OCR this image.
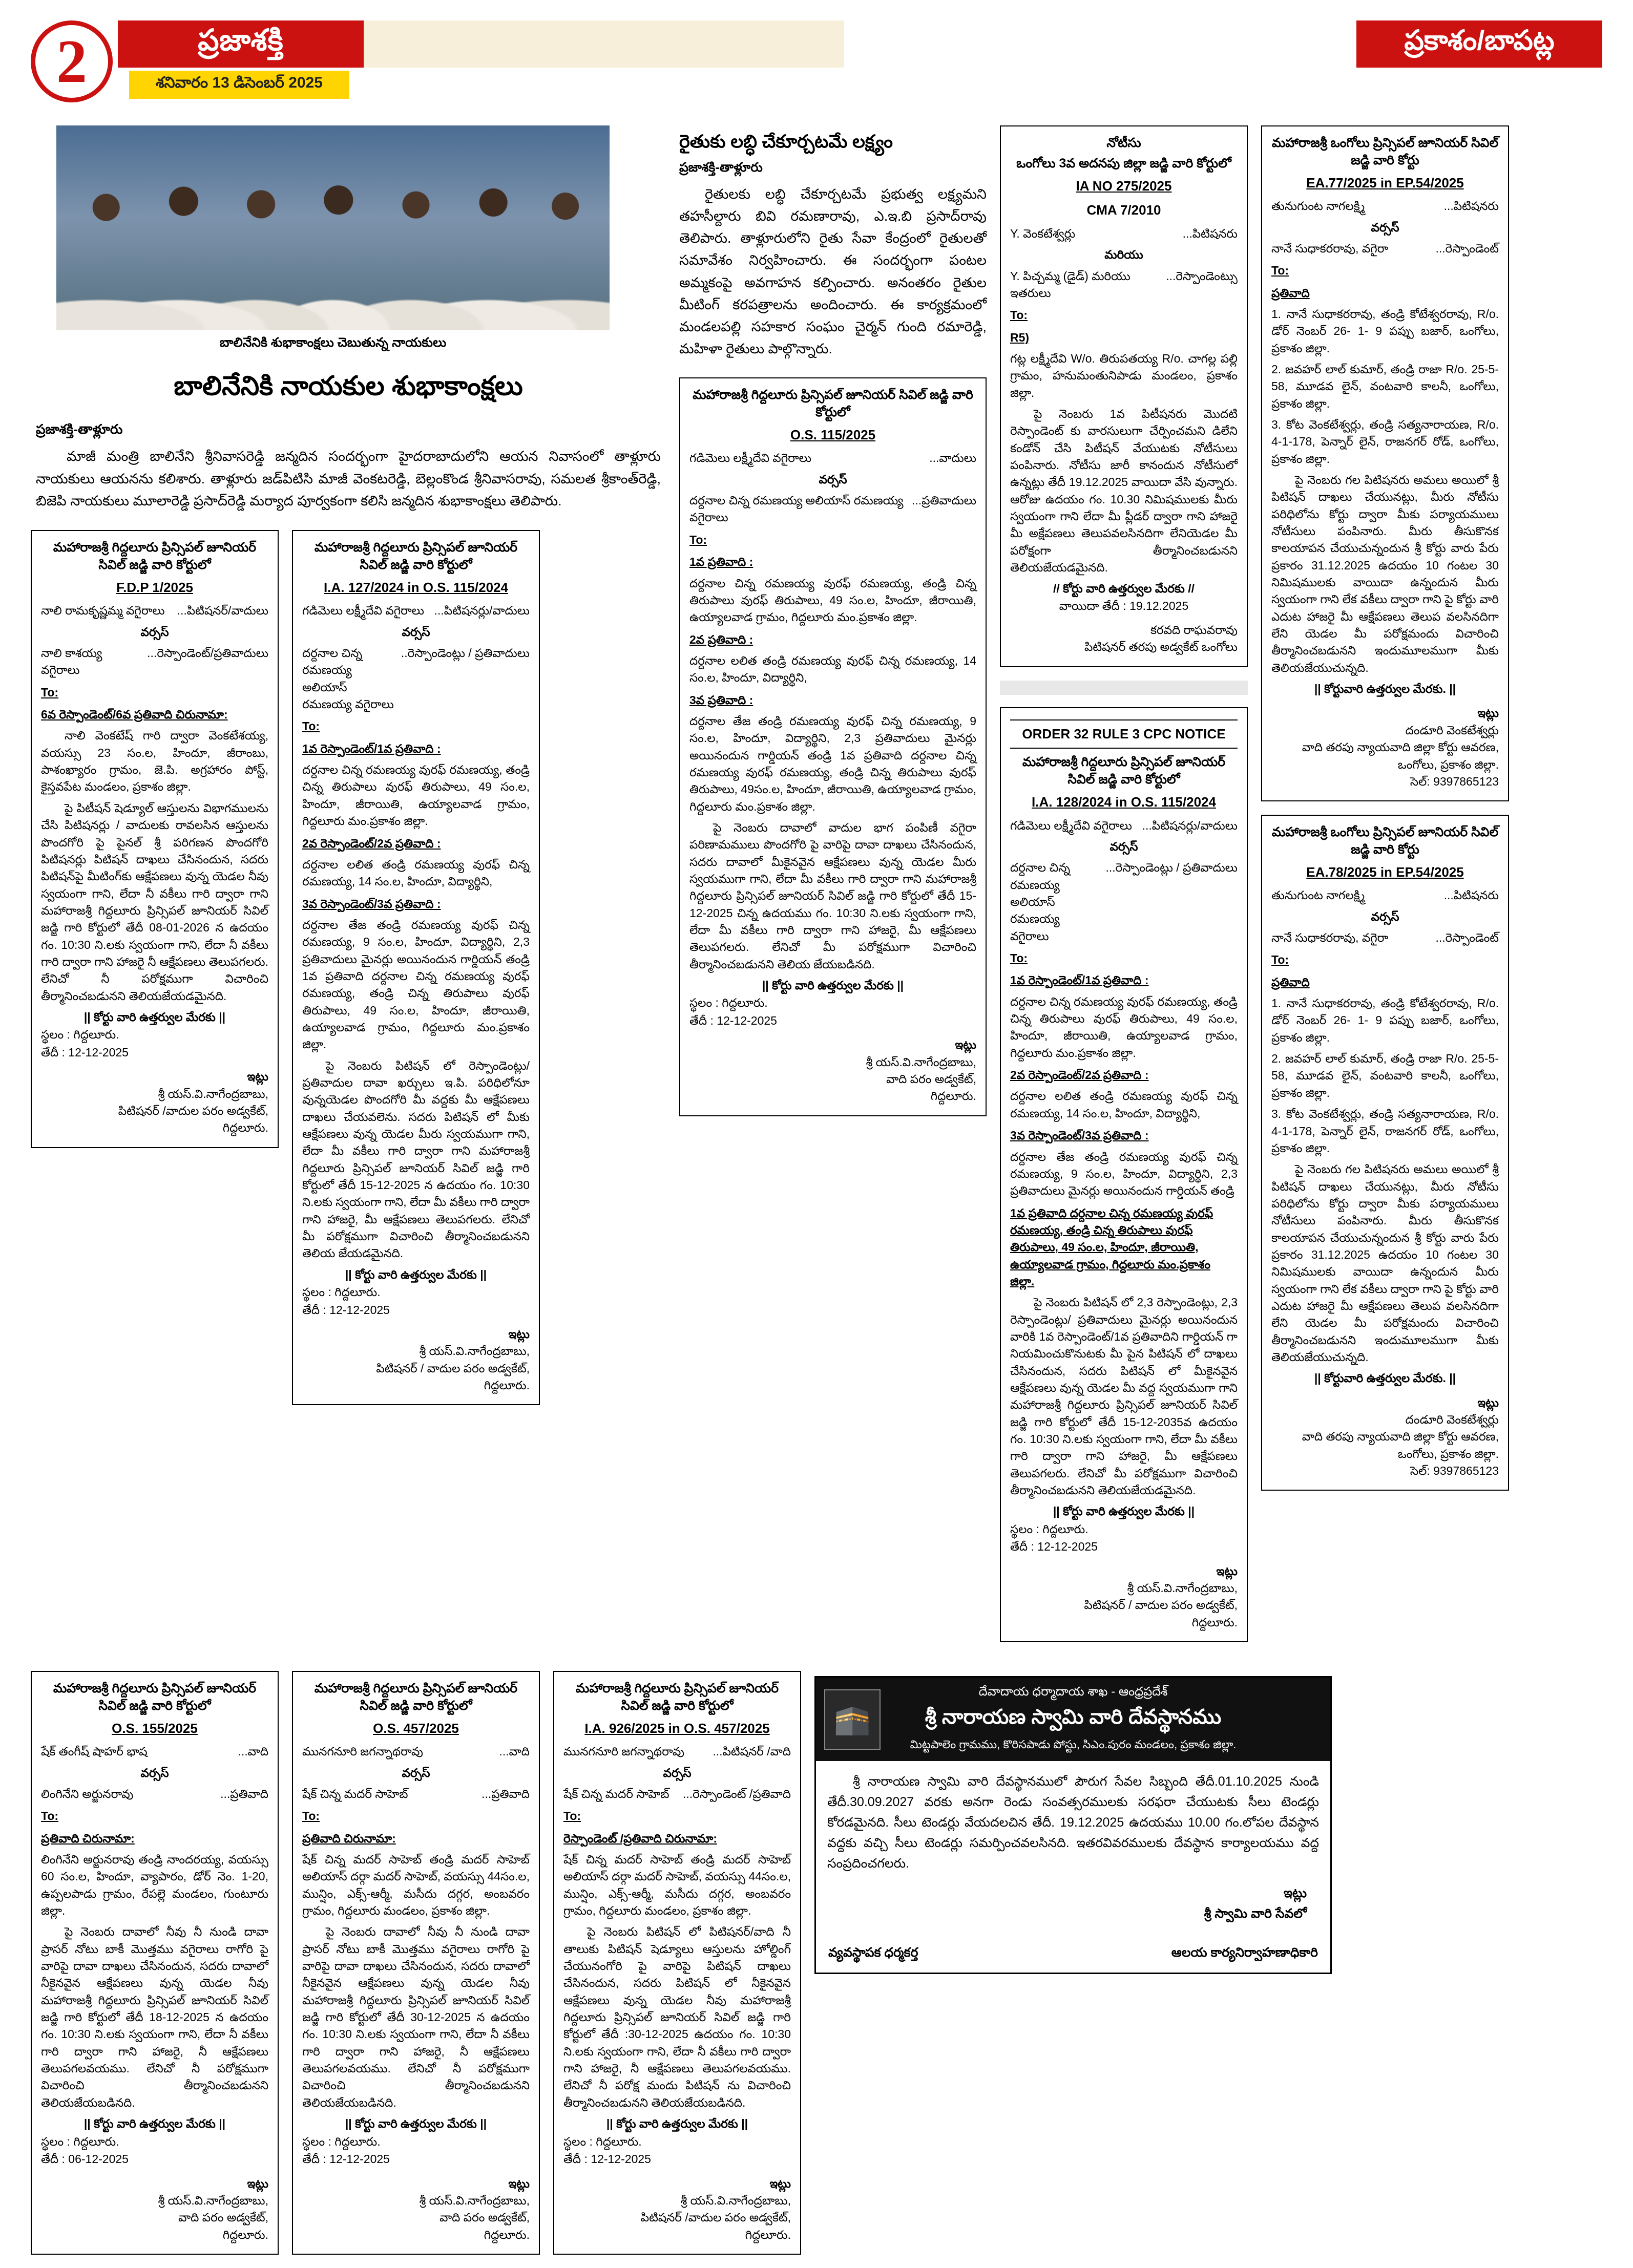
2	ప్రజాశక్తి
శనివారం 13 డిసెంబర్ 2025
ప్రకాశం/బాపట్ల
బాలినేనికి శుభాకాంక్షలు చెబుతున్న నాయకులు
బాలినేనికి నాయకుల శుభాకాంక్షలు
ప్రజాశక్తి-తాళ్లూరు
మాజీ మంత్రి బాలినేని శ్రీనివాసరెడ్డి జన్మదిన సందర్భంగా హైదరాబాదులోని ఆయన నివాసంలో తాళ్లూరు నాయకులు ఆయనను కలిశారు. తాళ్లూరు జడ్‌పిటిసి మాజీ వెంకటరెడ్డి, బెల్లంకొండ శ్రీనివాసరావు, సమలత శ్రీకాంత్‌రెడ్డి, బిజెపి నాయకులు మూలారెడ్డి ప్రసాద్‌రెడ్డి మర్యాద పూర్వకంగా కలిసి జన్మదిన శుభాకాంక్షలు తెలిపారు.
మహారాజశ్రీ గిద్దలూరు ప్రిన్సిపల్ జూనియర్ సివిల్ జడ్జి వారి కోర్టులో
F.D.P 1/2025
నాలి రామకృష్ణమ్మ వగైరాలు	...పిటిషనర్/వాదులు
వర్సస్
నాలి కాశయ్య వగైరాలు
...రెస్పాండెంట్‌/ప్రతివాదులు
To:
6వ రెస్పాండెంట్/6వ ప్రతివాది చిరునామా:

నాలి వెంకటేష్ గారి ద్వారా వెంకటేశయ్య, వయస్సు 23 సం.ల, హిందూ, జీరాంబు, పాశంఖ్యారం గ్రామం, జె.పి. అగ్రహారం పోస్ట్, కైస్తవపేట మండలం, ప్రకాశం జిల్లా.

పై పిటీషన్ షెడ్యూల్ ఆస్తులను విభాగములను చేసి పిటిషనర్లు / వాదులకు రావలసిన ఆస్తులను పొందగోరి పై పైనల్ శ్రీ పరిగణన పొందగోరి పిటిషనర్లు పిటిషన్ దాఖలు చేసినందున, సదరు పిటిషన్‌పై మీటింగ్‌కు ఆక్షేపణలు వున్న యెడల నీవు స్వయంగా గాని, లేదా నీ వకీలు గారి ద్వారా గాని మహారాజశ్రీ గిద్దలూరు ప్రిన్సిపల్ జూనియర్ సివిల్ జడ్జి గారి కోర్టులో తేదీ 08-01-2026 న ఉదయం గం. 10:30 ని.లకు స్వయంగా గాని, లేదా నీ వకీలు గారి ద్వారా గాని హాజరై నీ ఆక్షేపణలు తెలుపగలరు. లేనిచో నీ పరోక్షముగా విచారించి తీర్మానించబడునని తెలియజేయడమైనది.

|| కోర్టు వారి ఉత్తర్వుల మేరకు ||
స్థలం : గిద్దలూరు.
తేదీ : 12-12-2025
ఇట్లు
శ్రీ యస్.వి.నాగేంద్రబాబు,
పిటిషనర్ /వాదుల పరం అడ్వకేట్,
గిద్దలూరు.
మహారాజశ్రీ గిద్దలూరు ప్రిన్సిపల్ జూనియర్ సివిల్ జడ్జి వారి కోర్టులో
I.A. 127/2024 in O.S. 115/2024
గడిమెలు లక్ష్మీదేవి వగైరాలు ...పిటిషనర్లు/వాదులు
వర్సస్
దర్దనాల చిన్న రమణయ్య అలియాస్ రమణయ్య వగైరాలు
..రెస్పాండెంట్లు / ప్రతివాదులు
To:
1వ రెస్పాండెంట్/1వ ప్రతివాది :

దర్దనాల చిన్న రమణయ్య వురఫ్ రమణయ్య, తండ్రి చిన్న తిరుపాలు వురఫ్ తిరుపాలు, 49 సం.ల, హిందూ, జీరాయితి, ఉయ్యాలవాడ గ్రామం, గిద్దలూరు మం.ప్రకాశం జిల్లా.

2వ రెస్పాండెంట్/2వ ప్రతివాది :

దర్దనాల లలిత తండ్రి రమణయ్య వురఫ్ చిన్న రమణయ్య, 14 సం.ల, హిందూ, విద్యార్థిని,

3వ రెస్పాండెంట్/3వ ప్రతివాది :

దర్దనాల తేజ తండ్రి రమణయ్య వురఫ్ చిన్న రమణయ్య, 9 సం.ల, హిందూ, విద్యార్థిని, 2,3 ప్రతివాదులు మైనర్లు అయినందున గార్డియన్ తండ్రి 1వ ప్రతివాది దర్దనాల చిన్న రమణయ్య వురఫ్ రమణయ్య, తండ్రి చిన్న తిరుపాలు వురఫ్ తిరుపాలు, 49 సం.ల, హిందూ, జీరాయితి, ఉయ్యాలవాడ గ్రామం, గిద్దలూరు మం.ప్రకాశం జిల్లా.

పై నెంబరు పిటిషన్ లో రెస్పాండెంట్లు/ప్రతివాదుల దావా ఖర్చులు ఇ.పి. పరిధిలోనూ వున్నయెడల పొందగోరి మీ వద్దకు మీ ఆక్షేపణలు దాఖలు చేయవలెను. సదరు పిటిషన్ లో మీకు ఆక్షేపణలు వున్న యెడల మీరు స్వయముగా గాని, లేదా మీ వకీలు గారి ద్వారా గాని మహారాజశ్రీ గిద్దలూరు ప్రిన్సిపల్ జూనియర్ సివిల్ జడ్జి గారి కోర్టులో తేదీ 15-12-2025 న ఉదయం గం. 10:30 ని.లకు స్వయంగా గాని, లేదా మీ వకీలు గారి ద్వారా గాని హాజరై, మీ ఆక్షేపణలు తెలుపగలరు. లేనిచో మీ పరోక్షముగా విచారించి తీర్మానించబడునని తెలియ జేయడమైనది.

|| కోర్టు వారి ఉత్తర్వుల మేరకు ||
స్థలం : గిద్దలూరు.
తేదీ : 12-12-2025
ఇట్లు
శ్రీ యస్.వి.నాగేంద్రబాబు,
పిటిషనర్ / వాదుల పరం అడ్వకేట్,
గిద్దలూరు.
రైతుకు లబ్ధి చేకూర్చటమే లక్ష్యం
ప్రజాశక్తి-తాళ్లూరు
రైతులకు లబ్ధి చేకూర్చటమే ప్రభుత్వ లక్ష్యమని తహసీల్దారు బివి రమణారావు, ఎ.ఇ.బి ప్రసాద్‌రావు తెలిపారు. తాళ్లూరులోని రైతు సేవా కేంద్రంలో రైతులతో సమావేశం నిర్వహించారు. ఈ సందర్భంగా పంటల అమ్మకంపై అవగాహన కల్పించారు. అనంతరం రైతుల మీటింగ్ కరపత్రాలను అందించారు. ఈ కార్యక్రమంలో మండలపల్లి సహకార సంఘం చైర్మన్ గుంది రమారెడ్డి, మహిళా రైతులు పాల్గొన్నారు.
మహారాజశ్రీ గిద్దలూరు ప్రిన్సిపల్ జూనియర్ సివిల్ జడ్జి వారి కోర్టులో
O.S. 115/2025
గడిమెలు లక్ష్మీదేవి వగైరాలు	...వాదులు
వర్సస్
దర్దనాల చిన్న రమణయ్య అలియాస్ రమణయ్య వగైరాలు
...ప్రతివాదులు
To:
1వ ప్రతివాది :

దర్దనాల చిన్న రమణయ్య వురఫ్ రమణయ్య, తండ్రి చిన్న తిరుపాలు వురఫ్ తిరుపాలు, 49 సం.ల, హిందూ, జీరాయితి, ఉయ్యాలవాడ గ్రామం, గిద్దలూరు మం.ప్రకాశం జిల్లా.

2వ ప్రతివాది :

దర్దనాల లలిత తండ్రి రమణయ్య వురఫ్ చిన్న రమణయ్య, 14 సం.ల, హిందూ, విద్యార్థిని,

3వ ప్రతివాది :

దర్దనాల తేజ తండ్రి రమణయ్య వురఫ్ చిన్న రమణయ్య, 9 సం.ల, హిందూ, విద్యార్థిని, 2,3 ప్రతివాదులు మైనర్లు అయినందున గార్డియన్ తండ్రి 1వ ప్రతివాది దర్దనాల చిన్న రమణయ్య వురఫ్ రమణయ్య, తండ్రి చిన్న తిరుపాలు వురఫ్ తిరుపాలు, 49సం.ల, హిందూ, జీరాయితి, ఉయ్యాలవాడ గ్రామం, గిద్దలూరు మం.ప్రకాశం జిల్లా.

పై నెంబరు దావాలో వాదుల భాగ పంపిణీ వగైరా పరిణామములు పొందగోరి పై వారిపై దావా దాఖలు చేసినందున, సదరు దావాలో మీకైనవైన ఆక్షేపణలు వున్న యెడల మీరు స్వయముగా గాని, లేదా మీ వకీలు గారి ద్వారా గాని మహారాజశ్రీ గిద్దలూరు ప్రిన్సిపల్ జూనియర్ సివిల్ జడ్జి గారి కోర్టులో తేదీ 15-12-2025 చిన్న ఉదయము గం. 10:30 ని.లకు స్వయంగా గాని, లేదా మీ వకీలు గారి ద్వారా గాని హాజరై, మీ ఆక్షేపణలు తెలుపగలరు. లేనిచో మీ పరోక్షముగా విచారించి తీర్మానించబడునని తెలియ జేయబడినది.

|| కోర్టు వారి ఉత్తర్వుల మేరకు ||
స్థలం : గిద్దలూరు.
తేదీ : 12-12-2025
ఇట్లు
శ్రీ యస్.వి.నాగేంద్రబాబు,
వాది పరం అడ్వకేట్,
గిద్దలూరు.
నోటీసు
ఒంగోలు 3వ అదనపు జిల్లా జడ్జి వారి కోర్టులో
IA NO 275/2025
CMA 7/2010
Y. వెంకటేశ్వర్లు	...పిటిషనరు
మరియు
Y. పిచ్చమ్మ (డైడ్) మరియు ఇతరులు
...రెస్పాండెంట్సు
To:
R5)

గట్ల లక్ష్మీదేవి W/o. తిరుపతయ్య R/o. చాగల్ల పల్లి గ్రామం, హనుమంతునిపాడు మండలం, ప్రకాశం జిల్లా.

పై నెంబరు 1వ పిటీషనరు మొదటి రెస్పాండెంట్ కు వారసులుగా చేర్పించమని డిలేని కండోన్ చేసి పిటీషన్ వేయుటకు నోటీసులు పంపినారు. నోటీసు జారీ కానందున నోటీసులో ఉన్నట్లు తేదీ 19.12.2025 వాయిదా వేసి వున్నారు. ఆరోజు ఉదయం గం. 10.30 నిమిషములకు మీరు స్వయంగా గాని లేదా మీ ప్లీడర్ ద్వారా గాని హాజరై మీ అక్షేపణలు తెలుపవలసినదిగా లేనియెడల మీ పరోక్షంగా తీర్మానించబడునని తెలియజేయడమైనది.

// కోర్టు వారి ఉత్తర్వుల మేరకు //
వాయిదా తేదీ : 19.12.2025
కరవది రాఘవరావు
పిటిషనర్ తరపు అడ్వకేట్ ఒంగోలు
ORDER 32 RULE 3 CPC NOTICE
మహారాజశ్రీ గిద్దలూరు ప్రిన్సిపల్ జూనియర్ సివిల్ జడ్జి వారి కోర్టులో
I.A. 128/2024 in O.S. 115/2024
గడిమెలు లక్ష్మీదేవి వగైరాలు ...పిటిషనర్లు/వాదులు
వర్సస్
దర్దనాల చిన్న రమణయ్య అలియాస్ రమణయ్య వగైరాలు
...రెస్పాండెంట్లు / ప్రతివాదులు
To:
1వ రెస్పాండెంట్/1వ ప్రతివాది :

దర్దనాల చిన్న రమణయ్య వురఫ్ రమణయ్య, తండ్రి చిన్న తిరుపాలు వురఫ్ తిరుపాలు, 49 సం.ల, హిందూ, జీరాయితి, ఉయ్యాలవాడ గ్రామం, గిద్దలూరు మం.ప్రకాశం జిల్లా.

2వ రెస్పాండెంట్/2వ ప్రతివాది :

దర్దనాల లలిత తండ్రి రమణయ్య వురఫ్ చిన్న రమణయ్య, 14 సం.ల, హిందూ, విద్యార్థిని,

3వ రెస్పాండెంట్/3వ ప్రతివాది :

దర్దనాల తేజ తండ్రి రమణయ్య వురఫ్ చిన్న రమణయ్య, 9 సం.ల, హిందూ, విద్యార్థిని, 2,3 ప్రతివాదులు మైనర్లు అయినందున గార్డియన్ తండ్రి

1వ ప్రతివాది దర్దనాల చిన్న రమణయ్య వురఫ్ రమణయ్య, తండ్రి చిన్న తిరుపాలు వురఫ్ తిరుపాలు, 49 సం.ల, హిందూ, జీరాయితి, ఉయ్యాలవాడ గ్రామం, గిద్దలూరు మం.ప్రకాశం జిల్లా.

పై నెంబరు పిటిషన్ లో 2,3 రెస్పాండెంట్లు, 2,3 రెస్పాండెంట్లు/ ప్రతివాదులు మైనర్లు అయినందున వారికి 1వ రెస్పాండెంట్/1వ ప్రతివాదిని గార్డియన్ గా నియమించుకొనుటకు మీ పైన పిటిషన్ లో దాఖలు చేసినందున, సదరు పిటిషన్ లో మీకైనవైన ఆక్షేపణలు వున్న యెడల మీ వద్ద స్వయముగా గాని మహారాజశ్రీ గిద్దలూరు ప్రిన్సిపల్ జూనియర్ సివిల్ జడ్జి గారి కోర్టులో తేదీ 15-12-2035వ ఉదయం గం. 10:30 ని.లకు స్వయంగా గాని, లేదా మీ వకీలు గారి ద్వారా గాని హాజరై, మీ ఆక్షేపణలు తెలుపగలరు. లేనిచో మీ పరోక్షముగా విచారించి తీర్మానించబడునని తెలియజేయడమైనది.

|| కోర్టు వారి ఉత్తర్వుల మేరకు ||
స్థలం : గిద్దలూరు.
తేదీ : 12-12-2025
ఇట్లు
శ్రీ యస్.వి.నాగేంద్రబాబు,
పిటిషనర్ / వాదుల పరం అడ్వకేట్,
గిద్దలూరు.
మహారాజశ్రీ ఒంగోలు ప్రిన్సిపల్ జూనియర్ సివిల్ జడ్జి వారి కోర్టు
EA.77/2025 in EP.54/2025
తునుగుంట నాగలక్ష్మి	...పిటిషనరు
వర్సస్
నానే సుధాకరరావు, వగైరా	...రెస్పాండెంట్
To:
ప్రతివాది

1. నానే సుధాకరరావు, తండ్రి కోటేశ్వరరావు, R/o. డోర్ నెంబర్ 26- 1- 9 పప్పు బజార్, ఒంగోలు, ప్రకాశం జిల్లా.

2. జవహర్ లాల్ కుమార్, తండ్రి రాజా R/o. 25-5-58, మూడవ లైన్, వంటవారి కాలనీ, ఒంగోలు, ప్రకాశం జిల్లా.

3. కోట వెంకటేశ్వర్లు, తండ్రి సత్యనారాయణ, R/o. 4-1-178, పెన్నార్ లైన్, రాజనగర్ రోడ్, ఒంగోలు, ప్రకాశం జిల్లా.

పై నెంబరు గల పిటిషనరు అమలు అయిలో శ్రీ పిటిషన్ దాఖలు చేయునట్లు, మీరు నోటీసు పరిధిలోను కోర్టు ద్వారా మీకు పర్యాయములు నోటీసులు పంపినారు. మీరు తీసుకొనక కాలయాపన చేయుచున్నందున శ్రీ కోర్టు వారు పేరు ప్రకారం 31.12.2025 ఉదయం 10 గంటల 30 నిమిషములకు వాయిదా ఉన్నందున మీరు స్వయంగా గాని లేక వకీలు ద్వారా గాని పై కోర్టు వారి ఎదుట హాజరై మీ ఆక్షేపణలు తెలుప వలసినదిగా లేని యెడల మీ పరోక్షమందు విచారించి తీర్మానించబడునని ఇందుమూలముగా మీకు తెలియజేయుచున్నది.

|| కోర్టువారి ఉత్తర్వుల మేరకు. ||
ఇట్లు
దండూరి వెంకటేశ్వర్లు
వాది తరపు న్యాయవాది జిల్లా కోర్టు ఆవరణ,
ఒంగోలు, ప్రకాశం జిల్లా.
సెల్: 9397865123
మహారాజశ్రీ ఒంగోలు ప్రిన్సిపల్ జూనియర్ సివిల్ జడ్జి వారి కోర్టు
EA.78/2025 in EP.54/2025
తునుగుంట నాగలక్ష్మి	...పిటిషనరు
వర్సస్
నానే సుధాకరరావు, వగైరా	...రెస్పాండెంట్
To:
ప్రతివాది

1. నానే సుధాకరరావు, తండ్రి కోటేశ్వరరావు, R/o. డోర్ నెంబర్ 26- 1- 9 పప్పు బజార్, ఒంగోలు, ప్రకాశం జిల్లా.

2. జవహర్ లాల్ కుమార్, తండ్రి రాజా R/o. 25-5-58, మూడవ లైన్, వంటవారి కాలనీ, ఒంగోలు, ప్రకాశం జిల్లా.

3. కోట వెంకటేశ్వర్లు, తండ్రి సత్యనారాయణ, R/o. 4-1-178, పెన్నార్ లైన్, రాజనగర్ రోడ్, ఒంగోలు, ప్రకాశం జిల్లా.

పై నెంబరు గల పిటిషనరు అమలు అయిలో శ్రీ పిటిషన్ దాఖలు చేయునట్లు, మీరు నోటీసు పరిధిలోను కోర్టు ద్వారా మీకు పర్యాయములు నోటీసులు పంపినారు. మీరు తీసుకొనక కాలయాపన చేయుచున్నందున శ్రీ కోర్టు వారు పేరు ప్రకారం 31.12.2025 ఉదయం 10 గంటల 30 నిమిషములకు వాయిదా ఉన్నందున మీరు స్వయంగా గాని లేక వకీలు ద్వారా గాని పై కోర్టు వారి ఎదుట హాజరై మీ ఆక్షేపణలు తెలుప వలసినదిగా లేని యెడల మీ పరోక్షమందు విచారించి తీర్మానించబడునని ఇందుమూలముగా మీకు తెలియజేయుచున్నది.

|| కోర్టువారి ఉత్తర్వుల మేరకు. ||
ఇట్లు
దండూరి వెంకటేశ్వర్లు
వాది తరపు న్యాయవాది జిల్లా కోర్టు ఆవరణ,
ఒంగోలు, ప్రకాశం జిల్లా.
సెల్: 9397865123
మహారాజశ్రీ గిద్దలూరు ప్రిన్సిపల్ జూనియర్ సివిల్ జడ్జి వారి కోర్టులో
O.S. 155/2025
షేక్ తంగీష్ షాహర్ భాష	...వాది
వర్సస్
లింగినేని అర్జునరావు	...ప్రతివాది
To:
ప్రతివాది చిరునామా:

లింగినేని అర్జునరావు తండ్రి నాందరయ్య, వయస్సు 60 సం.ల, హిందూ, వ్యాపారం, డోర్ నెం. 1-20, ఉప్పలపాడు గ్రామం, రేపల్లె మండలం, గుంటూరు జిల్లా.

పై నెంబరు దావాలో నీవు నీ నుండి దావా ప్రాసర్ నోటు బాకీ మొత్తము వగైరాలు రాగోరి పై వారిపై దావా దాఖలు చేసినందున, సదరు దావాలో నీకైనవైన ఆక్షేపణలు వున్న యెడల నీవు మహారాజశ్రీ గిద్దలూరు ప్రిన్సిపల్ జూనియర్ సివిల్ జడ్జి గారి కోర్టులో తేదీ 18-12-2025 న ఉదయం గం. 10:30 ని.లకు స్వయంగా గాని, లేదా నీ వకీలు గారి ద్వారా గాని హాజరై, నీ ఆక్షేపణలు తెలుపగలవయము. లేనిచో నీ పరోక్షముగా విచారించి తీర్మానించబడునని తెలియజేయబడినది.

|| కోర్టు వారి ఉత్తర్వుల మేరకు ||
స్థలం : గిద్దలూరు.
తేదీ : 06-12-2025
ఇట్లు
శ్రీ యస్.వి.నాగేంద్రబాబు,
వాది పరం అడ్వకేట్,
గిద్దలూరు.
మహారాజశ్రీ గిద్దలూరు ప్రిన్సిపల్ జూనియర్ సివిల్ జడ్జి వారి కోర్టులో
O.S. 457/2025
మునగనూరి జగన్నాథరావు	...వాది
వర్సస్
షేక్ చిన్న మదర్ సాహెబ్	...ప్రతివాది
To:
ప్రతివాది చిరునామా:

షేక్ చిన్న మదర్ సాహెబ్ తండ్రి మదర్ సాహెబ్ అలియాస్ దర్గా మదర్ సాహెబ్, వయస్సు 44సం.ల, మున్షిం, ఎక్స్-ఆర్మీ, మసీదు దగ్గర, అంబవరం గ్రామం, గిద్దలూరు మండలం, ప్రకాశం జిల్లా.

పై నెంబరు దావాలో నీవు నీ నుండి దావా ప్రాసర్ నోటు బాకీ మొత్తము వగైరాలు రాగోరి పై వారిపై దావా దాఖలు చేసినందున, సదరు దావాలో నీకైనవైన ఆక్షేపణలు వున్న యెడల నీవు మహారాజశ్రీ గిద్దలూరు ప్రిన్సిపల్ జూనియర్ సివిల్ జడ్జి గారి కోర్టులో తేదీ 30-12-2025 న ఉదయం గం. 10:30 ని.లకు స్వయంగా గాని, లేదా నీ వకీలు గారి ద్వారా గాని హాజరై, నీ ఆక్షేపణలు తెలుపగలవయము. లేనిచో నీ పరోక్షముగా విచారించి తీర్మానించబడునని తెలియజేయబడినది.

|| కోర్టు వారి ఉత్తర్వుల మేరకు ||
స్థలం : గిద్దలూరు.
తేదీ : 12-12-2025
ఇట్లు
శ్రీ యస్.వి.నాగేంద్రబాబు,
వాది పరం అడ్వకేట్,
గిద్దలూరు.
మహారాజశ్రీ గిద్దలూరు ప్రిన్సిపల్ జూనియర్ సివిల్ జడ్జి వారి కోర్టులో
I.A. 926/2025 in O.S. 457/2025
మునగనూరి జగన్నాథరావు	...పిటిషనర్ /వాది
వర్సస్
షేక్ చిన్న మదర్ సాహెబ్	...రెస్పాండెంట్ /ప్రతివాది
To:
రెస్పాండెంట్ /ప్రతివాది చిరునామా:

షేక్ చిన్న మదర్ సాహెబ్ తండ్రి మదర్ సాహెబ్ అలియాస్ దర్గా మదర్ సాహెబ్, వయస్సు 44సం.ల, మున్షిం, ఎక్స్-ఆర్మీ, మసీదు దగ్గర, అంబవరం గ్రామం, గిద్దలూరు మండలం, ప్రకాశం జిల్లా.

పై నెంబరు పిటిషన్ లో పిటిషనర్/వాది నీ తాలుకు పిటిషన్ షెడ్యూలు ఆస్తులను హోల్డింగ్ చేయునంగోరి పై వారిపై పిటిషన్ దాఖలు చేసినందున, సదరు పిటిషన్ లో నీకైనవైన ఆక్షేపణలు వున్న యెడల నీవు మహారాజశ్రీ గిద్దలూరు ప్రిన్సిపల్ జూనియర్ సివిల్ జడ్జి గారి కోర్టులో తేదీ :30-12-2025 ఉదయం గం. 10:30 ని.లకు స్వయంగా గాని, లేదా నీ వకీలు గారి ద్వారా గాని హాజరై, నీ ఆక్షేపణలు తెలుపగలవయము. లేనిచో నీ పరోక్ష మందు పిటిషన్ ను విచారించి తీర్మానించబడునని తెలియజేయబడినది.

|| కోర్టు వారి ఉత్తర్వుల మేరకు ||
స్థలం : గిద్దలూరు.
తేదీ : 12-12-2025
ఇట్లు
శ్రీ యస్.వి.నాగేంద్రబాబు,
పిటిషనర్ /వాదుల పరం అడ్వకేట్,
గిద్దలూరు.
🕋
దేవాదాయ ధర్మాదాయ శాఖ - ఆంధ్రప్రదేశ్
శ్రీ నారాయణ స్వామి వారి దేవస్థానము
మిట్టపాలెం గ్రామము, కొరిసపాడు పోస్టు, సిఎం.పురం మండలం, ప్రకాశం జిల్లా.
శ్రీ నారాయణ స్వామి వారి దేవస్థానములో పౌరుగ సేవల సిబ్బంది తేదీ.01.10.2025 నుండి తేదీ.30.09.2027 వరకు అనగా రెండు సంవత్సరములకు సరఫరా చేయుటకు సీలు టెండర్లు కోరడమైనది. సీలు టెండర్లు వేయదలచిన తేదీ. 19.12.2025 ఉదయము 10.00 గం.లోపల దేవస్థాన వద్దకు వచ్చి సీలు టెండర్లు సమర్పించవలసినది. ఇతరవివరములకు దేవస్థాన కార్యాలయము వద్ద సంప్రదించగలరు.
ఇట్లు
శ్రీ స్వామి వారి సేవలో
వ్యవస్థాపక ధర్మకర్త	ఆలయ కార్యనిర్వాహణాధికారి
